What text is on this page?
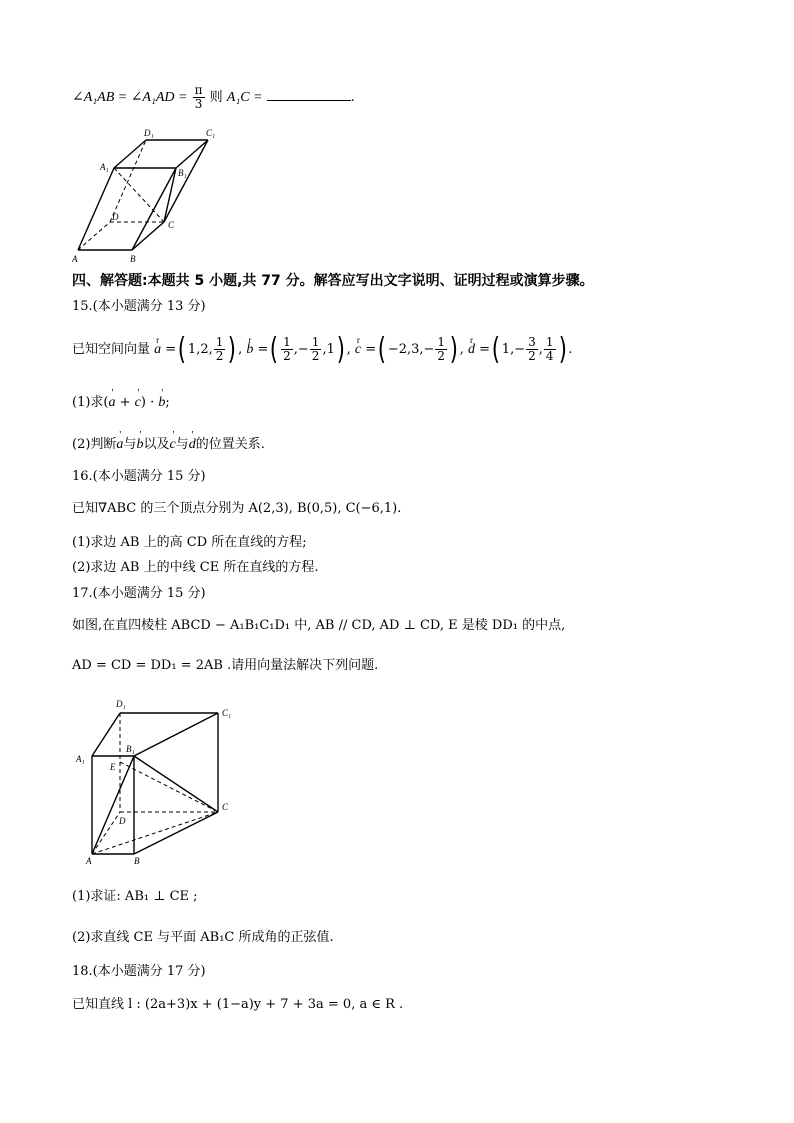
∠A₁AB = ∠A₁AD = $\frac{\pi}{3}$ 则 A₁C =	.
A	B
C
D
A₁
B₁
C₁
D₁
四、解答题:本题共 5 小题,共 77 分。解答应写出文字说明、证明过程或演算步骤。
15.(本小题满分 13 分)
已知空间向量 r a =( 1,2, $\frac{1}{2}$ ) , r b =( $\frac{1}{2}$ ,− $\frac{1}{2} ,1$) , r c =( $-2,3,- \frac{1}{2}$ ) , r d =( $1,- \frac{3}{2}$ , $\frac{1}{4}$ ) .
(1)求(' a + ' c) · ' b;
(2)判断' a与' b以及' c与' d的位置关系.
16.(本小题满分 15 分)
已知∇ABC 的三个顶点分别为 A(2,3), B(0,5), C(−6,1).
(1)求边 AB 上的高 CD 所在直线的方程;
(2)求边 AB 上的中线 CE 所在直线的方程.
17.(本小题满分 15 分)
如图,在直四棱柱 ABCD − A₁B₁C₁D₁ 中, AB // CD, AD ⊥ CD, E 是棱 DD₁ 的中点,
AD = CD = DD₁ = 2AB .请用向量法解决下列问题.
A	B
C
D
E
A₁
B₁
C₁
D₁
(1)求证: AB₁ ⊥ CE ;
(2)求直线 CE 与平面 AB₁C 所成角的正弦值.
18.(本小题满分 17 分)
已知直线 l : (2a+3)x + (1−a)y + 7 + 3a = 0, a ∈ R .
